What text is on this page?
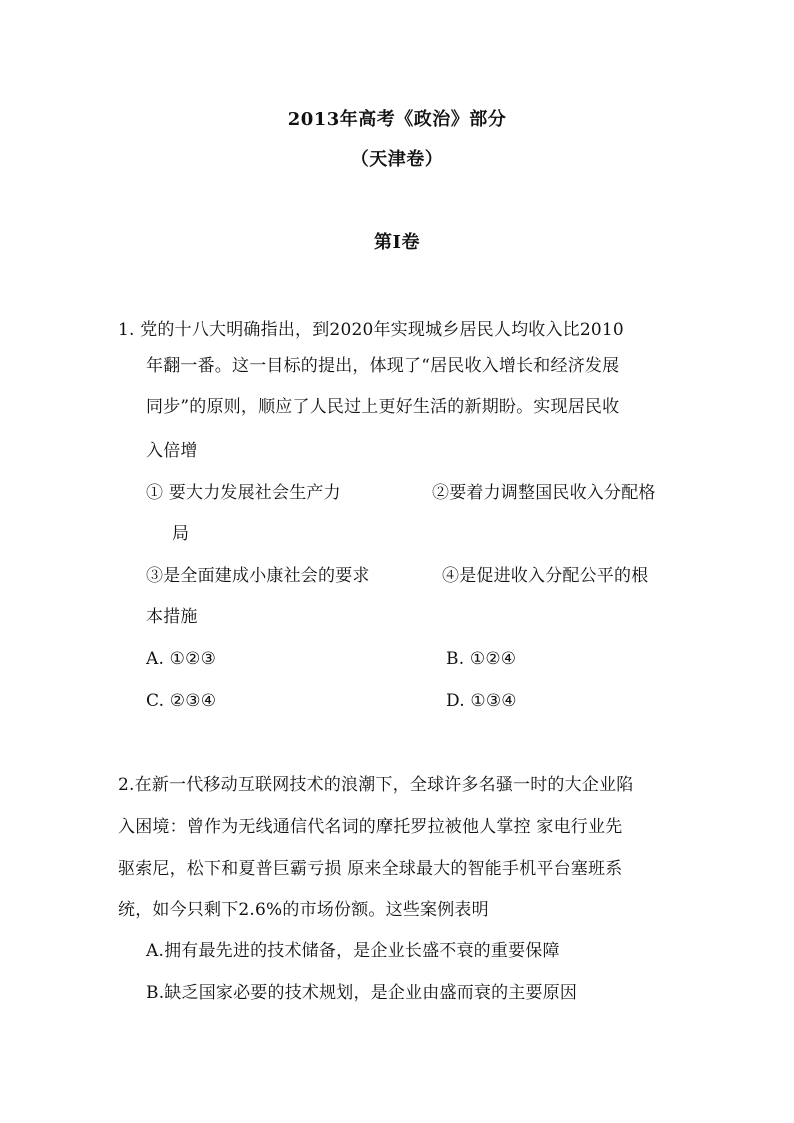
2013年高考《政治》部分
（天津卷）
第Ⅰ卷
1. 党的十八大明确指出，到2020年实现城乡居民人均收入比2010
年翻一番。这一目标的提出，体现了“居民收入增长和经济发展
同步”的原则，顺应了人民过上更好生活的新期盼。实现居民收
入倍增
① 要大力发展社会生产力	②要着力调整国民收入分配格
局
③是全面建成小康社会的要求	④是促进收入分配公平的根
本措施
A. ①②③	B. ①②④
C. ②③④	D. ①③④
2.在新一代移动互联网技术的浪潮下，全球许多名骚一时的大企业陷
入困境：曾作为无线通信代名词的摩托罗拉被他人掌控 家电行业先
驱索尼，松下和夏普巨霸亏损 原来全球最大的智能手机平台塞班系
统，如今只剩下2.6%的市场份额。这些案例表明
A.拥有最先进的技术储备，是企业长盛不衰的重要保障
B.缺乏国家必要的技术规划，是企业由盛而衰的主要原因
